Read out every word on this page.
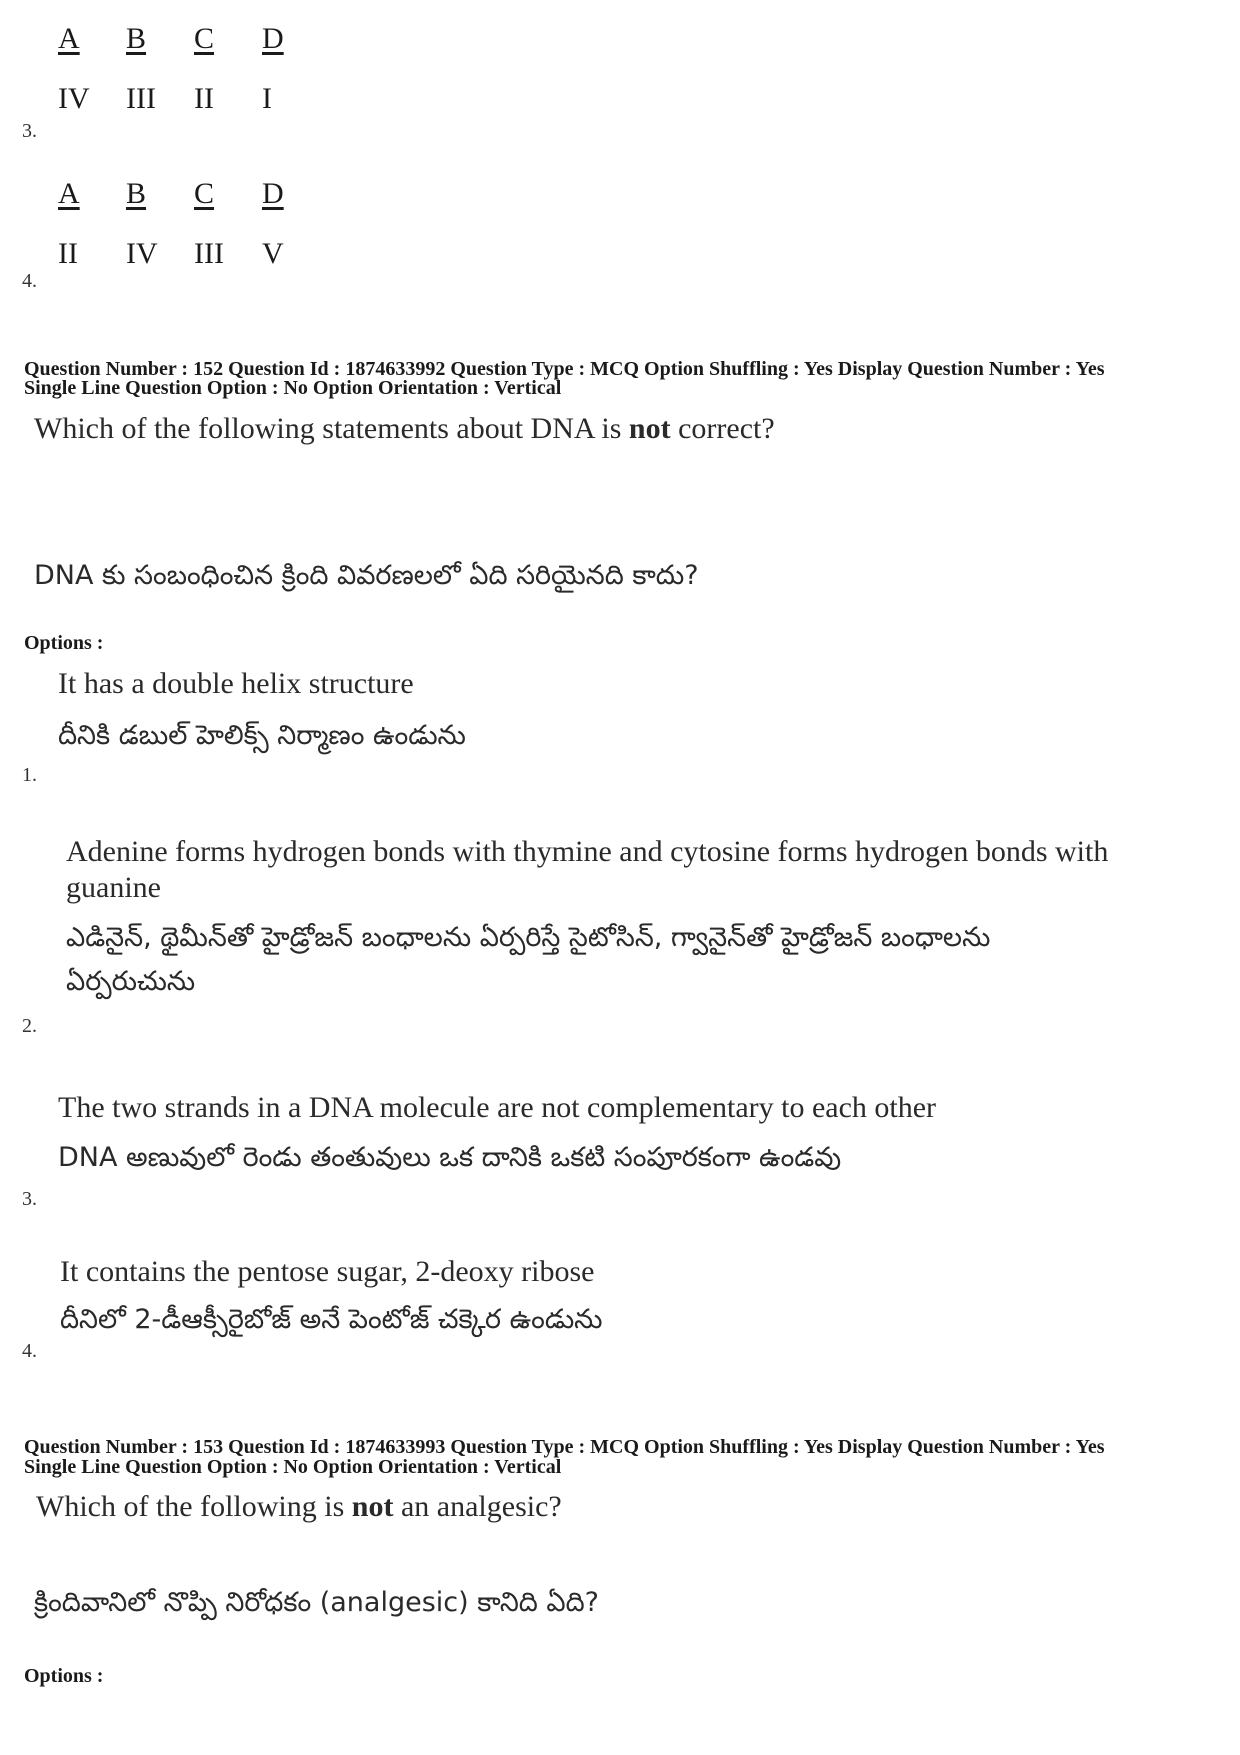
A	B	C	D
IV	III	II	I
3.
A	B	C	D
II	IV	III	V
4.
Question Number : 152 Question Id : 1874633992 Question Type : MCQ Option Shuffling : Yes Display Question Number : Yes
Single Line Question Option : No Option Orientation : Vertical
Which of the following statements about DNA is not correct?
DNA కు సంబంధించిన క్రింది వివరణలలో ఏది సరియైనది కాదు?
Options :
It has a double helix structure
దీనికి డబుల్ హెలిక్స్ నిర్మాణం ఉండును
1.
Adenine forms hydrogen bonds with thymine and cytosine forms hydrogen bonds with guanine
ఎడినైన్, థైమీన్‌తో హైడ్రోజన్ బంధాలను ఏర్పరిస్తే సైటోసిన్, గ్వానైన్‌తో హైడ్రోజన్ బంధాలను ఏర్పరుచును
2.
The two strands in a DNA molecule are not complementary to each other
DNA అణువులో రెండు తంతువులు ఒక దానికి ఒకటి సంపూరకంగా ఉండవు
3.
It contains the pentose sugar, 2-deoxy ribose
దీనిలో 2-డీఆక్సీరైబోజ్ అనే పెంటోజ్ చక్కెర ఉండును
4.
Question Number : 153 Question Id : 1874633993 Question Type : MCQ Option Shuffling : Yes Display Question Number : Yes
Single Line Question Option : No Option Orientation : Vertical
Which of the following is not an analgesic?
క్రిందివానిలో నొప్పి నిరోధకం (analgesic) కానిది ఏది?
Options :
